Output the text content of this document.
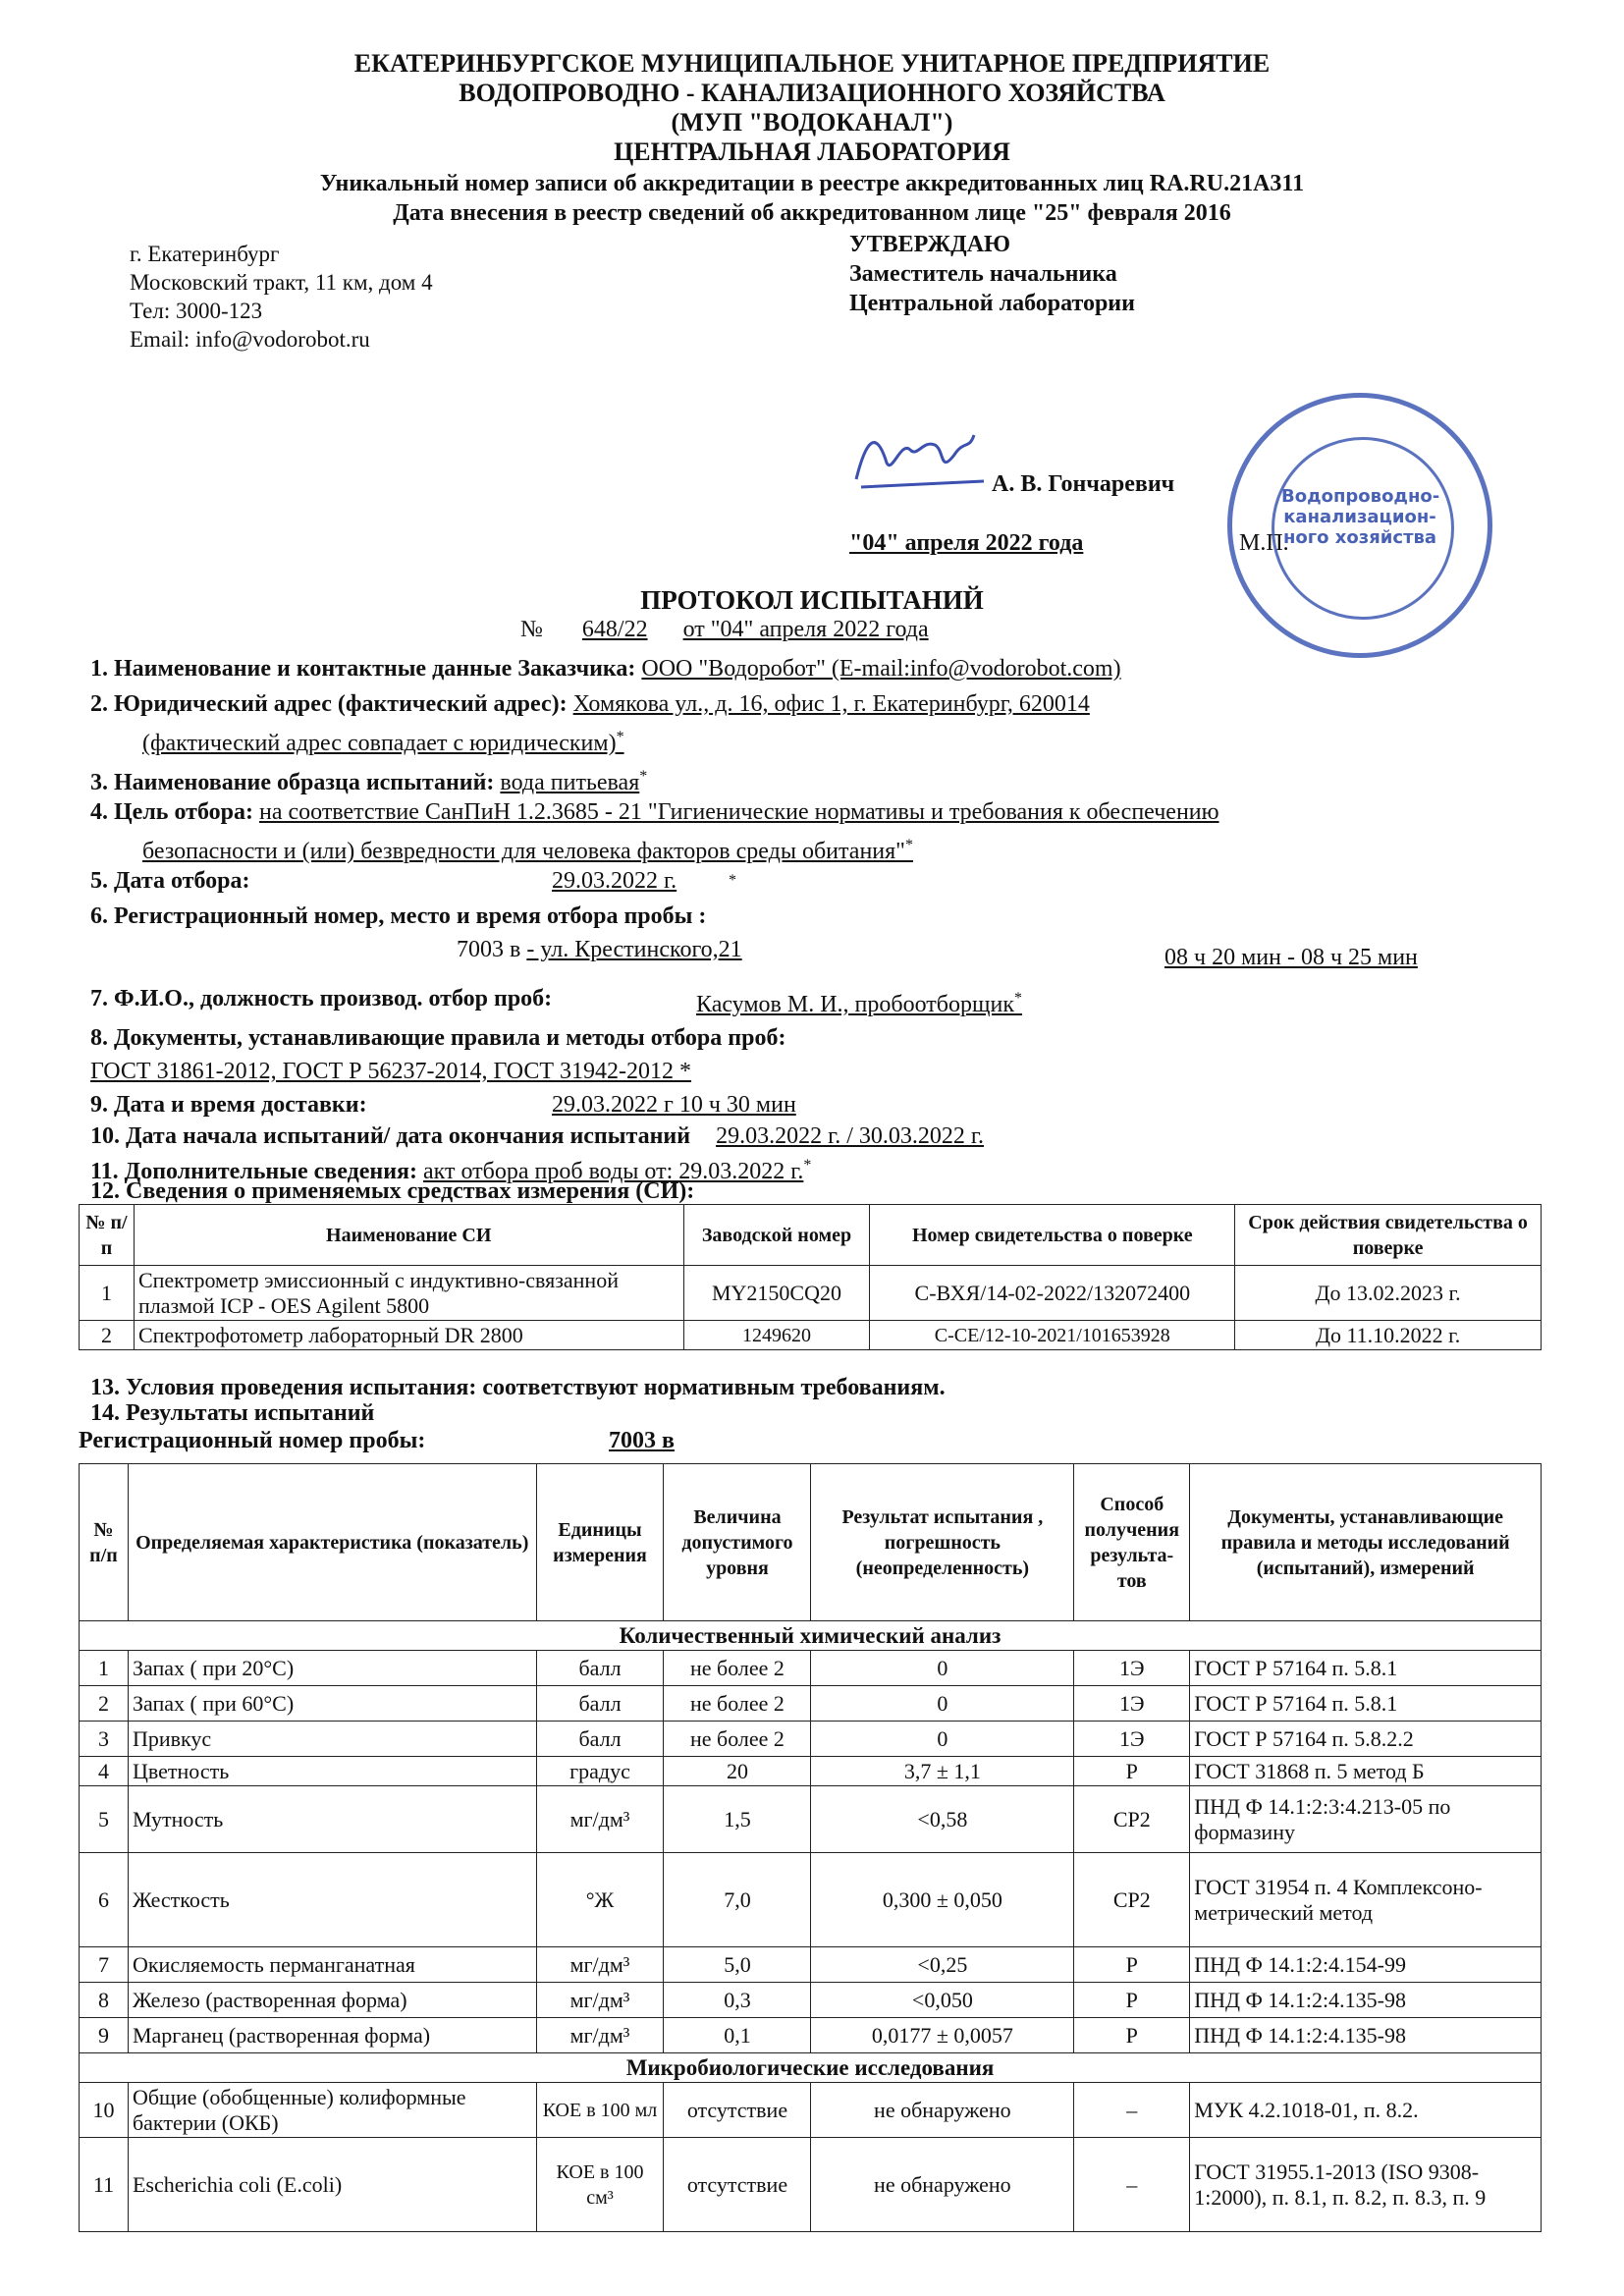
ЕКАТЕРИНБУРГСКОЕ МУНИЦИПАЛЬНОЕ УНИТАРНОЕ ПРЕДПРИЯТИЕ
ВОДОПРОВОДНО - КАНАЛИЗАЦИОННОГО ХОЗЯЙСТВА
(МУП "ВОДОКАНАЛ")
ЦЕНТРАЛЬНАЯ ЛАБОРАТОРИЯ
Уникальный номер записи об аккредитации в реестре аккредитованных лиц RA.RU.21А311
Дата внесения в реестр сведений об аккредитованном лице "25" февраля 2016
г. Екатеринбург
Московский тракт, 11 км, дом 4
Тел: 3000-123
Email: info@vodorobot.ru
УТВЕРЖДАЮ
Заместитель начальника
Центральной лаборатории
А. В. Гончаревич
"04" апреля 2022 года	М.П.
Водопроводно-канализацион-ного хозяйства
ПРОТОКОЛ ИСПЫТАНИЙ
№ 648/22 от "04" апреля 2022 года
1. Наименование и контактные данные Заказчика: ООО "Водоробот" (E-mail:info@vodorobot.com)
2. Юридический адрес (фактический адрес): Хомякова ул., д. 16, офис 1, г. Екатеринбург, 620014
(фактический адрес совпадает с юридическим)*
3. Наименование образца испытаний: вода питьевая*
4. Цель отбора: на соответствие СанПиН 1.2.3685 - 21 "Гигиенические нормативы и требования к обеспечению
безопасности и (или) безвредности для человека факторов среды обитания"*
5. Дата отбора:	29.03.2022 г.	*
6. Регистрационный номер, место и время отбора пробы :
7003 в - ул. Крестинского,21	08 ч 20 мин - 08 ч 25 мин
7. Ф.И.О., должность производ. отбор проб:	Касумов М. И., пробоотборщик*
8. Документы, устанавливающие правила и методы отбора проб:
ГОСТ 31861-2012, ГОСТ Р 56237-2014, ГОСТ 31942-2012 *
9. Дата и время доставки:	29.03.2022 г 10 ч 30 мин
10. Дата начала испытаний/ дата окончания испытаний 29.03.2022 г. / 30.03.2022 г.
11. Дополнительные сведения: акт отбора проб воды от: 29.03.2022 г.*
12. Сведения о применяемых средствах измерения (СИ):
№ п/п	Наименование СИ	Заводской номер	Номер свидетельства о поверке	Срок действия свидетельства о поверке
1	Спектрометр эмиссионный с индуктивно-связанной плазмой ICP - OES Agilent 5800	MY2150CQ20	С-ВХЯ/14-02-2022/132072400	До 13.02.2023 г.
2	Спектрофотометр лабораторный DR 2800	1249620	С-СЕ/12-10-2021/101653928	До 11.10.2022 г.
13. Условия проведения испытания: соответствуют нормативным требованиям.
14. Результаты испытаний
Регистрационный номер пробы:	7003 в
№ п/п	Определяемая характеристика (показатель)	Единицы измерения	Величина допустимого уровня	Результат испытания , погрешность (неопределенность)	Способ получения результа-тов	Документы, устанавливающие правила и методы исследований (испытаний), измерений
Количественный химический анализ						
1	Запах ( при 20°С)	балл	не более 2	0	1Э	ГОСТ Р 57164 п. 5.8.1
2	Запах ( при 60°С)	балл	не более 2	0	1Э	ГОСТ Р 57164 п. 5.8.1
3	Привкус	балл	не более 2	0	1Э	ГОСТ Р 57164 п. 5.8.2.2
4	Цветность	градус	20	3,7 ± 1,1	Р	ГОСТ 31868 п. 5 метод Б
5	Мутность	мг/дм³	1,5	<0,58	СР2	ПНД Ф 14.1:2:3:4.213-05 по формазину
6	Жесткость	°Ж	7,0	0,300 ± 0,050	СР2	ГОСТ 31954 п. 4 Комплексоно-метрический метод
7	Окисляемость перманганатная	мг/дм³	5,0	<0,25	Р	ПНД Ф 14.1:2:4.154-99
8	Железо (растворенная форма)	мг/дм³	0,3	<0,050	Р	ПНД Ф 14.1:2:4.135-98
9	Марганец (растворенная форма)	мг/дм³	0,1	0,0177 ± 0,0057	Р	ПНД Ф 14.1:2:4.135-98
Микробиологические исследования						
10	Общие (обобщенные) колиформные бактерии (ОКБ)	КОЕ в 100 мл	отсутствие	не обнаружено	–	МУК 4.2.1018-01, п. 8.2.
11	Escherichia coli (E.coli)	КОЕ в 100 см³	отсутствие	не обнаружено	–	ГОСТ 31955.1-2013 (ISO 9308-1:2000), п. 8.1, п. 8.2, п. 8.3, п. 9
